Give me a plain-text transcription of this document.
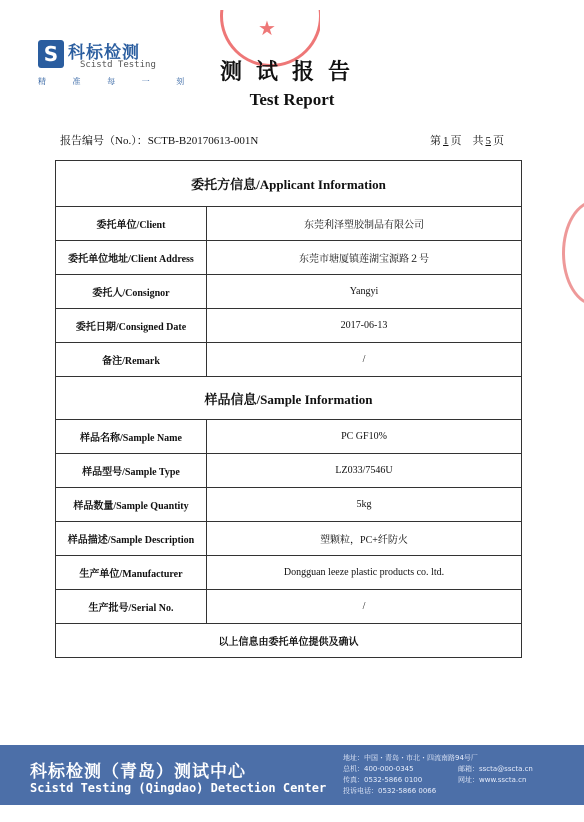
S 科标检测
Scistd Testing
精 准 每 一 刻
★
测试报告
Test Report
报告编号（No.）：SCTB-B20170613-001N	第 1 页　共 5 页
委托方信息/Applicant Information
委托单位/Client	东莞利泽塑胶制品有限公司
委托单位地址/Client Address	东莞市塘厦镇莲湖宝源路２号
委托人/Consignor	Yangyi
委托日期/Consigned Date	2017-06-13
备注/Remark	/
样品信息/Sample Information
样品名称/Sample Name	PC GF10%
样品型号/Sample Type	LZ033/7546U
样品数量/Sample Quantity	5kg
样品描述/Sample Description	塑颗粒，PC+纤防火
生产单位/Manufacturer	Dongguan leeze plastic products co. ltd.
生产批号/Serial No.	/
以上信息由委托单位提供及确认
科标检测（青岛）测试中心
Scistd Testing (Qingdao) Detection Center
地址：中国・青岛・市北・四流南路94号厂
总机：400-000-0345
传真：0532-5866 0100
投诉电话：0532-5866 0066
邮箱：sscta@sscta.cn
网址：www.sscta.cn
